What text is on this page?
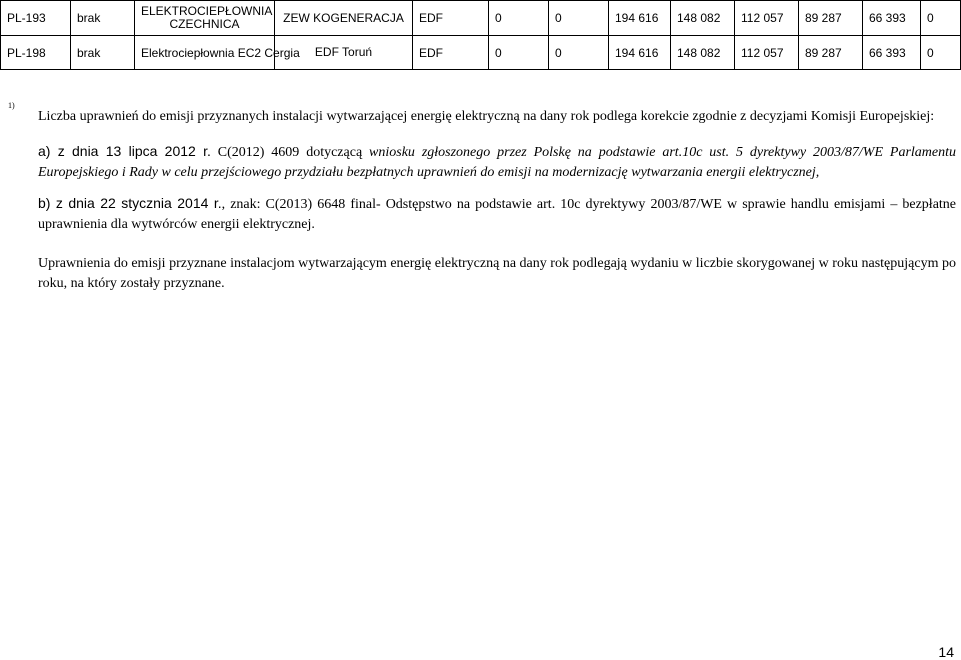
PL-193	brak	ELEKTROCIEPŁOWNIA CZECHNICA	ZEW KOGENERACJA	EDF	0	0	194 616	148 082	112 057	89 287	66 393	0
PL-198	brak	Elektrociepłownia EC2 Cergia	EDF Toruń	EDF	0	0	194 616	148 082	112 057	89 287	66 393	0
1)

Liczba uprawnień do emisji przyznanych instalacji wytwarzającej energię elektryczną na dany rok podlega korekcie zgodnie z decyzjami Komisji Europejskiej:

a) z dnia 13 lipca 2012 r. C(2012) 4609 dotyczącą wniosku zgłoszonego przez Polskę na podstawie art.10c ust. 5 dyrektywy 2003/87/WE Parlamentu Europejskiego i Rady w celu przejściowego przydziału bezpłatnych uprawnień do emisji na modernizację wytwarzania energii elektrycznej,

b) z dnia 22 stycznia 2014 r., znak: C(2013) 6648 final- Odstępstwo na podstawie art. 10c dyrektywy 2003/87/WE w sprawie handlu emisjami – bezpłatne uprawnienia dla wytwórców energii elektrycznej.

Uprawnienia do emisji przyznane instalacjom wytwarzającym energię elektryczną na dany rok podlegają wydaniu w liczbie skorygowanej w roku następującym po roku, na który zostały przyznane.

14
